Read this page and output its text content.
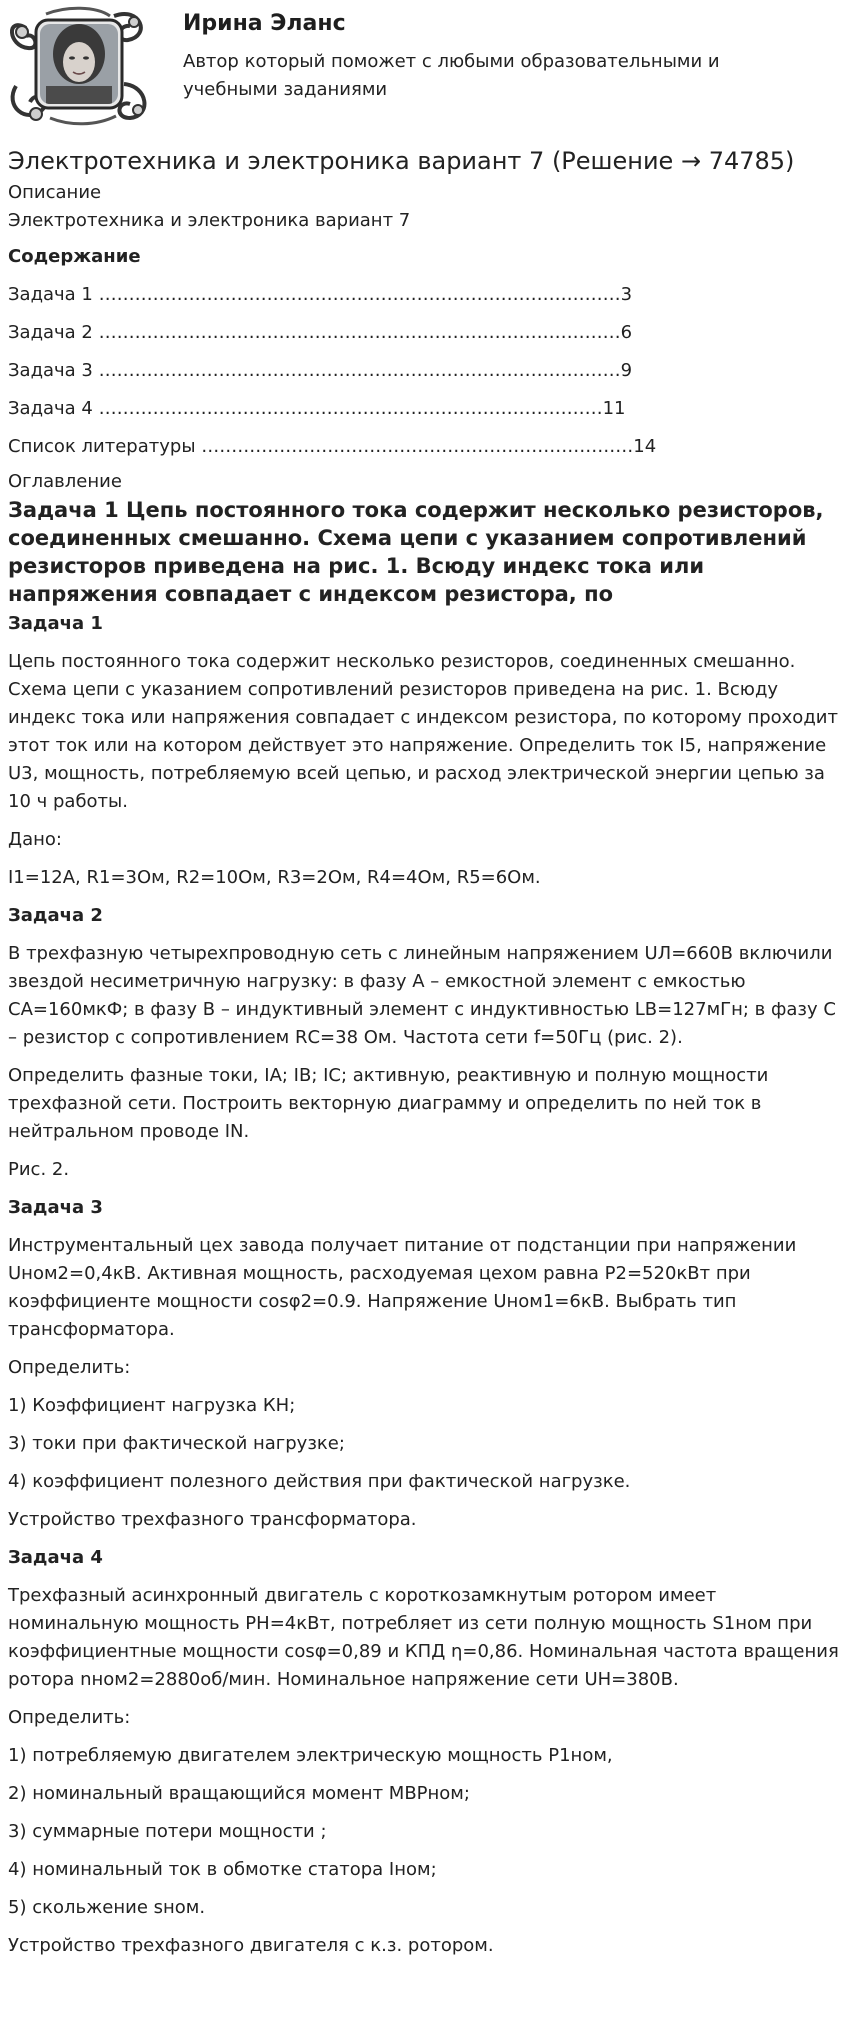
Ирина Эланс
Автор который поможет с любыми образовательными и учебными заданиями
Электротехника и электроника вариант 7 (Решение → 74785)

Описание

Электротехника и электроника вариант 7

Содержание

Задача 1 ……………………………………………………………………………3

Задача 2 ……………………………………………………………………………6

Задача 3 ……………………………………………………………………………9

Задача 4 …………………………………………………………………………11

Список литературы ………………………………………………………………14

Оглавление

Задача 1 Цепь постоянного тока содержит несколько резисторов, соединенных смешанно. Схема цепи с указанием сопротивлений резисторов приведена на рис. 1. Всюду индекс тока или напряжения совпадает с индексом резистора, по

Задача 1

Цепь постоянного тока содержит несколько резисторов, соединенных смешанно. Схема цепи с указанием сопротивлений резисторов приведена на рис. 1. Всюду индекс тока или напряжения совпадает с индексом резистора, по которому проходит этот ток или на котором действует это напряжение. Определить ток I5, напряжение U3, мощность, потребляемую всей цепью, и расход электрической энергии цепью за 10 ч работы.

Дано:

I1=12А, R1=3Ом, R2=10Ом, R3=2Ом, R4=4Ом, R5=6Ом.

Задача 2

В трехфазную четырехпроводную сеть с линейным напряжением UЛ=660В включили звездой несиметричную нагрузку: в фазу А – емкостной элемент с емкостью СА=160мкФ; в фазу В – индуктивный элемент с индуктивностью LВ=127мГн; в фазу С – резистор с сопротивлением RС=38 Ом. Частота сети f=50Гц (рис. 2).

Определить фазные токи, IA; IB; IC; активную, реактивную и полную мощности трехфазной сети. Построить векторную диаграмму и определить по ней ток в нейтральном проводе IN.

Рис. 2.

Задача 3

Инструментальный цех завода получает питание от подстанции при напряжении Uном2=0,4кВ. Активная мощность, расходуемая цехом равна Р2=520кВт при коэффициенте мощности cosφ2=0.9. Напряжение Uном1=6кВ. Выбрать тип трансформатора.

Определить:

1) Коэффициент нагрузка КН;

3) токи при фактической нагрузке;

4) коэффициент полезного действия при фактической нагрузке.

Устройство трехфазного трансформатора.

Задача 4

Трехфазный асинхронный двигатель с короткозамкнутым ротором имеет номинальную мощность РН=4кВт, потребляет из сети полную мощность S1ном при коэффициентные мощности cosφ=0,89 и КПД η=0,86. Номинальная частота вращения ротора nном2=2880об/мин. Номинальное напряжение сети UН=380В.

Определить:

1) потребляемую двигателем электрическую мощность Р1ном,

2) номинальный вращающийся момент МВРном;

3) суммарные потери мощности ;

4) номинальный ток в обмотке статора Iном;

5) скольжение sном.

Устройство трехфазного двигателя с к.з. ротором.
